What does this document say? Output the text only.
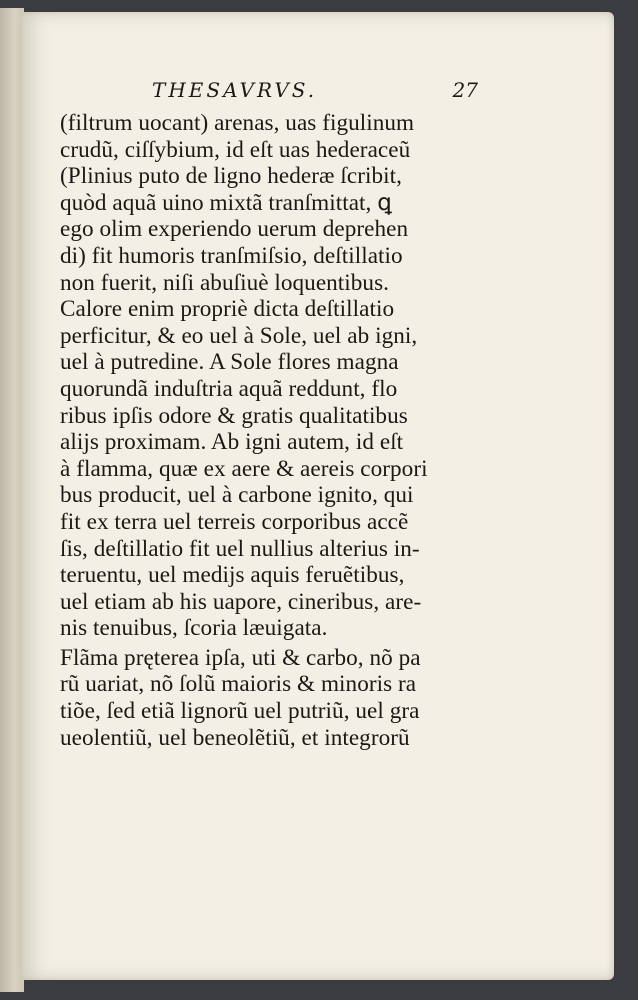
THESAVRVS.	27
(filtrum uocant) arenas, uas figulinum
crudũ, ciſſybium, id eſt uas hederaceũ
(Plinius puto de ligno hederæ ſcribit,
quòd aquã uino mixtã tranſmittat, ꝗ
ego olim experiendo uerum deprehen
di) fit humoris tranſmiſsio, deſtillatio
non fuerit, niſi abuſiuè loquentibus.
Calore enim propriè dicta deſtillatio
perficitur, & eo uel à Sole, uel ab igni,
uel à putredine. A Sole flores magna
quorundã induſtria aquã reddunt, flo
ribus ipſis odore & gratis qualitatibus
alijs proximam. Ab igni autem, id eſt
à flamma, quæ ex aere & aereis corpori
bus producit, uel à carbone ignito, qui
fit ex terra uel terreis corporibus accẽ
ſis, deſtillatio fit uel nullius alterius in-
teruentu, uel medijs aquis feruẽtibus,
uel etiam ab his uapore, cineribus, are-
nis tenuibus, ſcoria læuigata.
Flãma pręterea ipſa, uti & carbo, nõ pa
rũ uariat, nõ ſolũ maioris & minoris ra
tiõe, ſed etiã lignorũ uel putriũ, uel gra
ueolentiũ, uel beneolẽtiũ, et integrorũ
